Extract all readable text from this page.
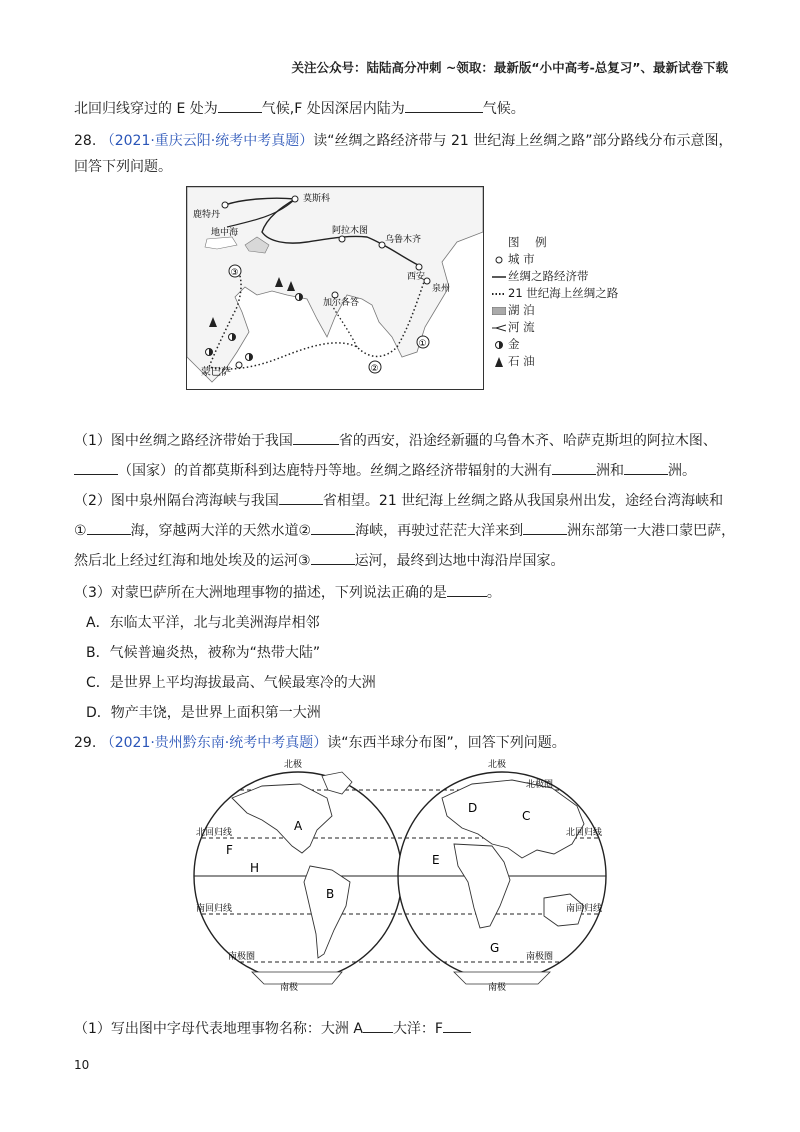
关注公众号：陆陆高分冲刺 ~领取：最新版“小中高考-总复习”、最新试卷下载
北回归线穿过的 E 处为	气候,F 处因深居内陆为	气候。
28. （2021·重庆云阳·统考中考真题）读“丝绸之路经济带与 21 世纪海上丝绸之路”部分路线分布示意图，
回答下列问题。
莫斯科
鹿特丹
阿拉木图
乌鲁木齐
西安
泉州
加尔各答
蒙巴萨
地中海
③
①
②
图 例
城 市
丝绸之路经济带
21 世纪海上丝绸之路
湖 泊
河 流
金
石 油
（1）图中丝绸之路经济带始于我国	省的西安，沿途经新疆的乌鲁木齐、哈萨克斯坦的阿拉木图、
（国家）的首都莫斯科到达鹿特丹等地。丝绸之路经济带辐射的大洲有	洲和	洲。
（2）图中泉州隔台湾海峡与我国	省相望。21 世纪海上丝绸之路从我国泉州出发，途经台湾海峡和
①	海，穿越两大洋的天然水道②	海峡，再驶过茫茫大洋来到	洲东部第一大港口蒙巴萨，
然后北上经过红海和地处埃及的运河③	运河，最终到达地中海沿岸国家。
（3）对蒙巴萨所在大洲地理事物的描述，下列说法正确的是	。
A．东临太平洋，北与北美洲海岸相邻
B．气候普遍炎热，被称为“热带大陆”
C．是世界上平均海拔最高、气候最寒冷的大洲
D．物产丰饶，是世界上面积第一大洲
29. （2021·贵州黔东南·统考中考真题）读“东西半球分布图”，回答下列问题。
北极
北回归线
南回归线
南极圈
南极
北极
北极圈
北回归线
南回归线
南极圈
南极
A
B
C
D
E
F
G
H
（1）写出图中字母代表地理事物名称：大洲 A 大洋：F
10
